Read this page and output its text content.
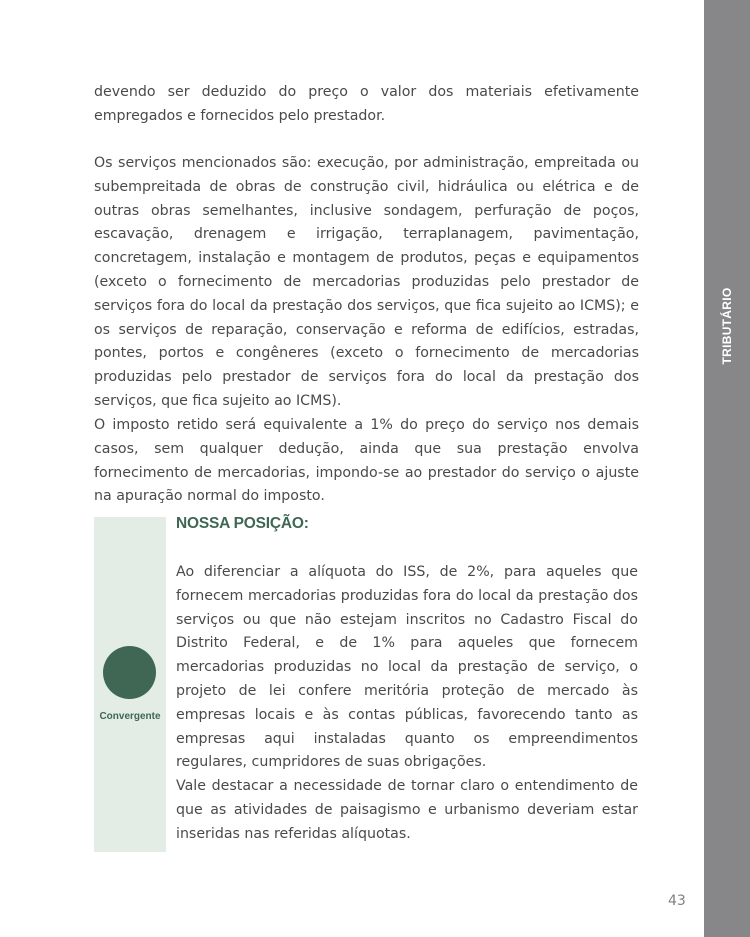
TRIBUTÁRIO

devendo ser deduzido do preço o valor dos materiais efetivamente empregados e fornecidos pelo prestador.

Os serviços mencionados são: execução, por administração, empreitada ou subempreitada de obras de construção civil, hidráulica ou elétrica e de outras obras semelhantes, inclusive sondagem, perfuração de poços, escavação, drenagem e irrigação, terraplanagem, pavimentação, concretagem, instalação e montagem de produtos, peças e equipamentos (exceto o fornecimento de mercadorias produzidas pelo prestador de serviços fora do local da prestação dos serviços, que fica sujeito ao ICMS); e os serviços de reparação, conservação e reforma de edifícios, estradas, pontes, portos e congêneres (exceto o fornecimento de mercadorias produzidas pelo prestador de serviços fora do local da prestação dos serviços, que fica sujeito ao ICMS).

O imposto retido será equivalente a 1% do preço do serviço nos demais casos, sem qualquer dedução, ainda que sua prestação envolva fornecimento de mercadorias, impondo-se ao prestador do serviço o ajuste na apuração normal do imposto.

Convergente
NOSSA POSIÇÃO:

Ao diferenciar a alíquota do ISS, de 2%, para aqueles que fornecem mercadorias produzidas fora do local da prestação dos serviços ou que não estejam inscritos no Cadastro Fiscal do Distrito Federal, e de 1% para aqueles que fornecem mercadorias produzidas no local da prestação de serviço, o projeto de lei confere meritória proteção de mercado às empresas locais e às contas públicas, favorecendo tanto as empresas aqui instaladas quanto os empreendimentos regulares, cumpridores de suas obrigações.

Vale destacar a necessidade de tornar claro o entendimento de que as atividades de paisagismo e urbanismo deveriam estar inseridas nas referidas alíquotas.

43
